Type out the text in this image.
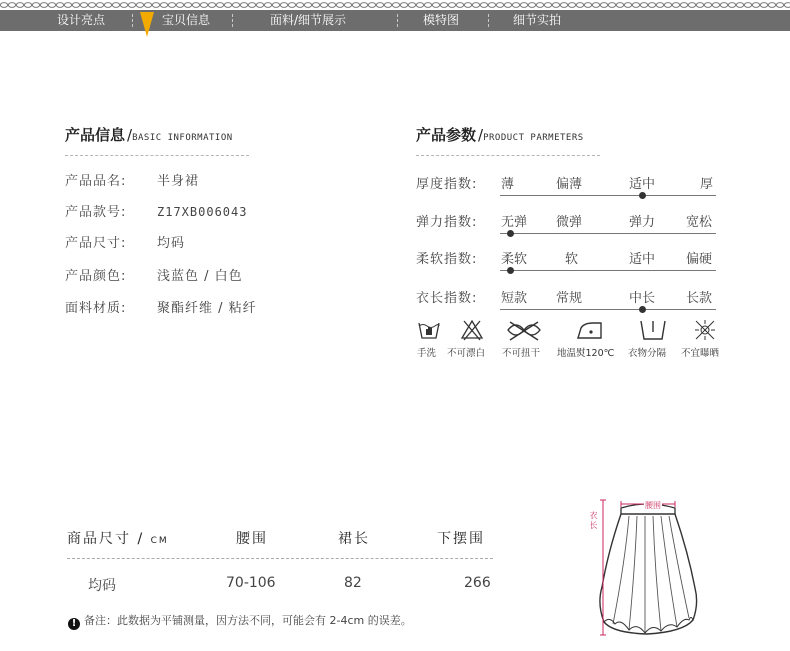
设计亮点	宝贝信息	面料/细节展示	模特图	细节实拍
产品信息 /BASIC INFORMATION
产品品名: 半身裙
产品款号:	Z17XB006043
产品尺寸: 均码
产品颜色: 浅蓝色 / 白色
面料材质: 聚酯纤维 / 粘纤
产品参数 /PRODUCT PARMETERS
厚度指数: 薄	偏薄	适中	厚
弹力指数: 无弹 微弹	弹力 宽松
柔软指数: 柔软	软	适中 偏硬
衣长指数: 短款 常规	中长 长款
手洗 不可漂白 不可扭干 地温熨120℃ 衣物分隔 不宜曝晒
商品尺寸 / CM	腰围	裙长	下摆围
均码	70-106	82	266
! 备注：此数据为平铺测量，因方法不同，可能会有 2-4cm 的误差。
腰围
衣长
